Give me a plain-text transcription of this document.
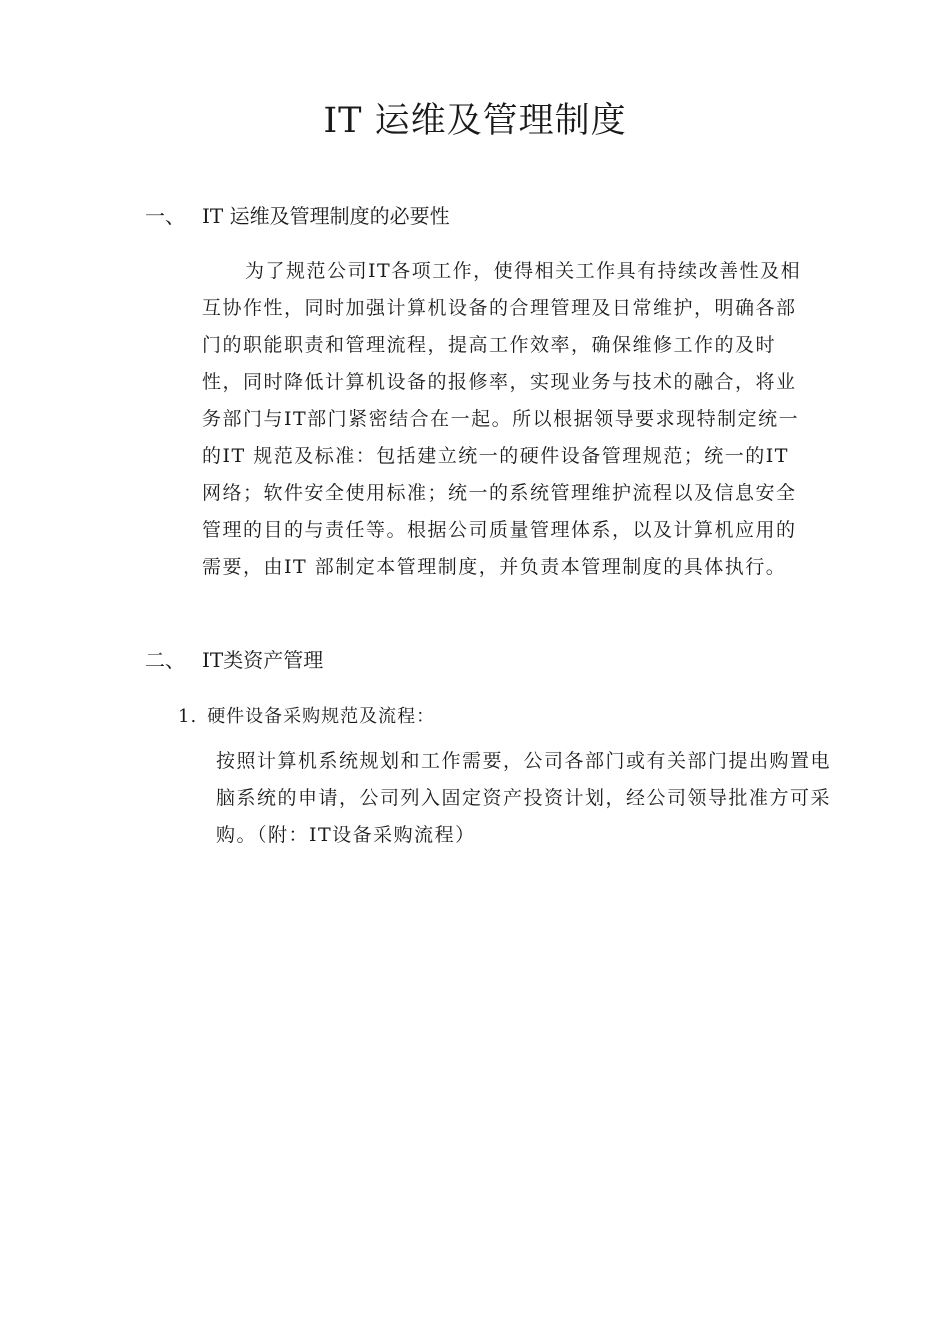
IT 运维及管理制度
一、 IT 运维及管理制度的必要性
为了规范公司IT各项工作，使得相关工作具有持续改善性及相
互协作性，同时加强计算机设备的合理管理及日常维护，明确各部
门的职能职责和管理流程，提高工作效率，确保维修工作的及时
性，同时降低计算机设备的报修率，实现业务与技术的融合，将业
务部门与IT部门紧密结合在一起。所以根据领导要求现特制定统一
的IT 规范及标准：包括建立统一的硬件设备管理规范；统一的IT
网络；软件安全使用标准；统一的系统管理维护流程以及信息安全
管理的目的与责任等。根据公司质量管理体系，以及计算机应用的
需要，由IT 部制定本管理制度，并负责本管理制度的具体执行。
二、 IT类资产管理
1. 硬件设备采购规范及流程：
按照计算机系统规划和工作需要，公司各部门或有关部门提出购置电
脑系统的申请，公司列入固定资产投资计划，经公司领导批准方可采
购。（附：IT设备采购流程）
